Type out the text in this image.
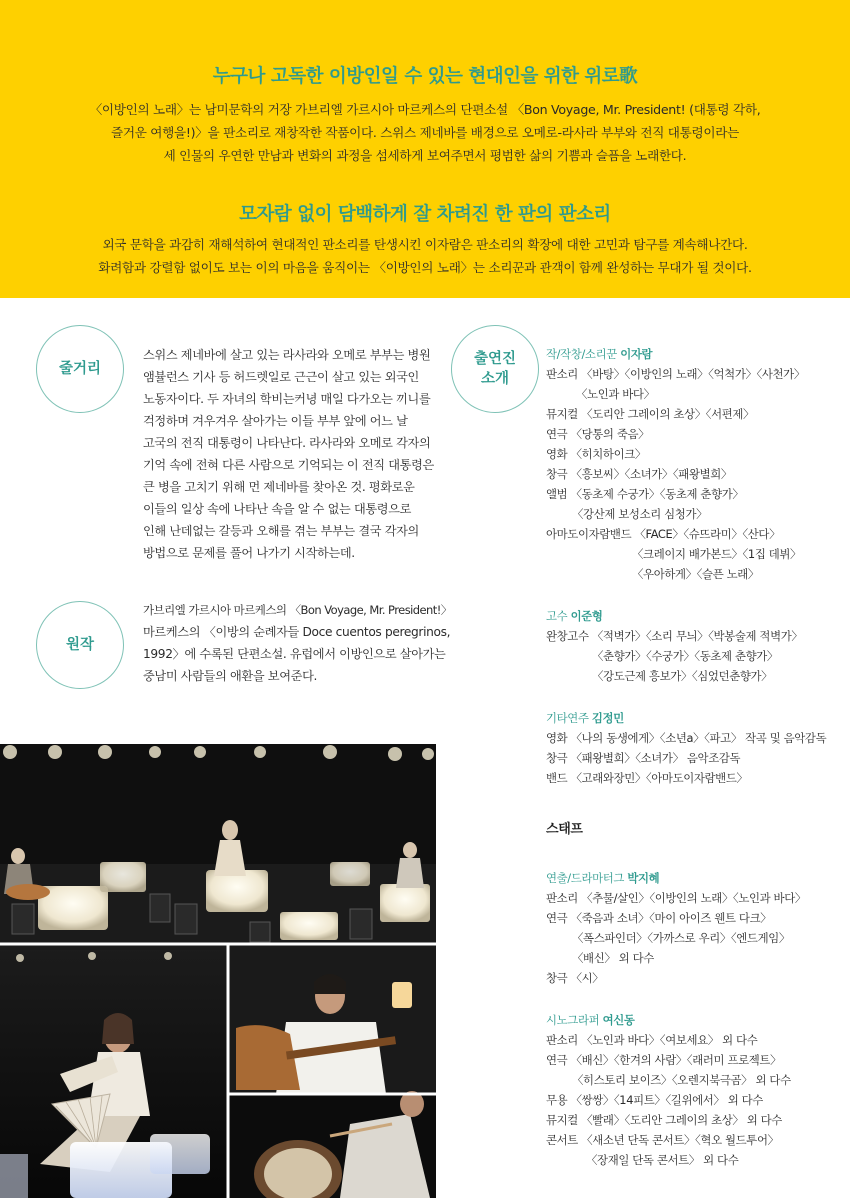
누구나 고독한 이방인일 수 있는 현대인을 위한 위로歌
〈이방인의 노래〉는 남미문학의 거장 가브리엘 가르시아 마르케스의 단편소설 〈Bon Voyage, Mr. President! (대통령 각하,
즐거운 여행을!)〉을 판소리로 재창작한 작품이다. 스위스 제네바를 배경으로 오메로-라사라 부부와 전직 대통령이라는
세 인물의 우연한 만남과 변화의 과정을 섬세하게 보여주면서 평범한 삶의 기쁨과 슬픔을 노래한다.
모자람 없이 담백하게 잘 차려진 한 판의 판소리
외국 문학을 과감히 재해석하여 현대적인 판소리를 탄생시킨 이자람은 판소리의 확장에 대한 고민과 탐구를 계속해나간다.
화려함과 강렬함 없이도 보는 이의 마음을 움직이는 〈이방인의 노래〉는 소리꾼과 관객이 함께 완성하는 무대가 될 것이다.
줄거리
스위스 제네바에 살고 있는 라사라와 오메로 부부는 병원
앰뷸런스 기사 등 허드렛일로 근근이 살고 있는 외국인
노동자이다. 두 자녀의 학비는커녕 매일 다가오는 끼니를
걱정하며 겨우겨우 살아가는 이들 부부 앞에 어느 날
고국의 전직 대통령이 나타난다. 라사라와 오메로 각자의
기억 속에 전혀 다른 사람으로 기억되는 이 전직 대통령은
큰 병을 고치기 위해 먼 제네바를 찾아온 것. 평화로운
이들의 일상 속에 나타난 속을 알 수 없는 대통령으로
인해 난데없는 갈등과 오해를 겪는 부부는 결국 각자의
방법으로 문제를 풀어 나가기 시작하는데.
원작
가브리엘 가르시아 마르케스의 〈Bon Voyage, Mr. President!〉
마르케스의 〈이방의 순례자들 Doce cuentos peregrinos,
1992〉에 수록된 단편소설. 유럽에서 이방인으로 살아가는
중남미 사람들의 애환을 보여준다.
출연진
소개
작/작창/소리꾼 이자람
판소리 〈바탕〉〈이방인의 노래〉〈억척가〉〈사천가〉
〈노인과 바다〉
뮤지컬 〈도리안 그레이의 초상〉〈서편제〉
연극 〈당통의 죽음〉
영화 〈히치하이크〉
창극 〈흥보씨〉〈소녀가〉〈패왕별희〉
앨범 〈동초제 수궁가〉〈동초제 춘향가〉
〈강산제 보성소리 심청가〉
아마도이자람밴드 〈FACE〉〈슈뜨라미〉〈산다〉
〈크레이지 배가본드〉〈1집 데뷔〉
〈우아하게〉〈슬픈 노래〉
고수 이준형
완창고수 〈적벽가〉〈소리 무늬〉〈박봉술제 적벽가〉
〈춘향가〉〈수궁가〉〈동초제 춘향가〉
〈강도근제 흥보가〉〈심었던춘향가〉
기타연주 김정민
영화 〈나의 동생에게〉〈소년a〉〈파고〉 작곡 및 음악감독
창극 〈패왕별희〉〈소녀가〉 음악조감독
밴드 〈고래와장민〉〈아마도이자람밴드〉
스태프
연출/드라마터그 박지혜
판소리 〈추물/살인〉〈이방인의 노래〉〈노인과 바다〉
연극 〈죽음과 소녀〉〈마이 아이즈 웬트 다크〉
〈폭스파인더〉〈가까스로 우리〉〈엔드게임〉
〈배신〉 외 다수
창극 〈시〉
시노그라퍼 여신동
판소리 〈노인과 바다〉〈여보세요〉 외 다수
연극 〈배신〉〈한겨의 사람〉〈래러미 프로젝트〉
〈히스토리 보이즈〉〈오렌지북극곰〉 외 다수
무용 〈쌍쌍〉〈14피트〉〈길위에서〉 외 다수
뮤지컬 〈빨래〉〈도리안 그레이의 초상〉 외 다수
콘서트 〈새소년 단독 콘서트〉〈혁오 월드투어〉
〈장재일 단독 콘서트〉 외 다수
